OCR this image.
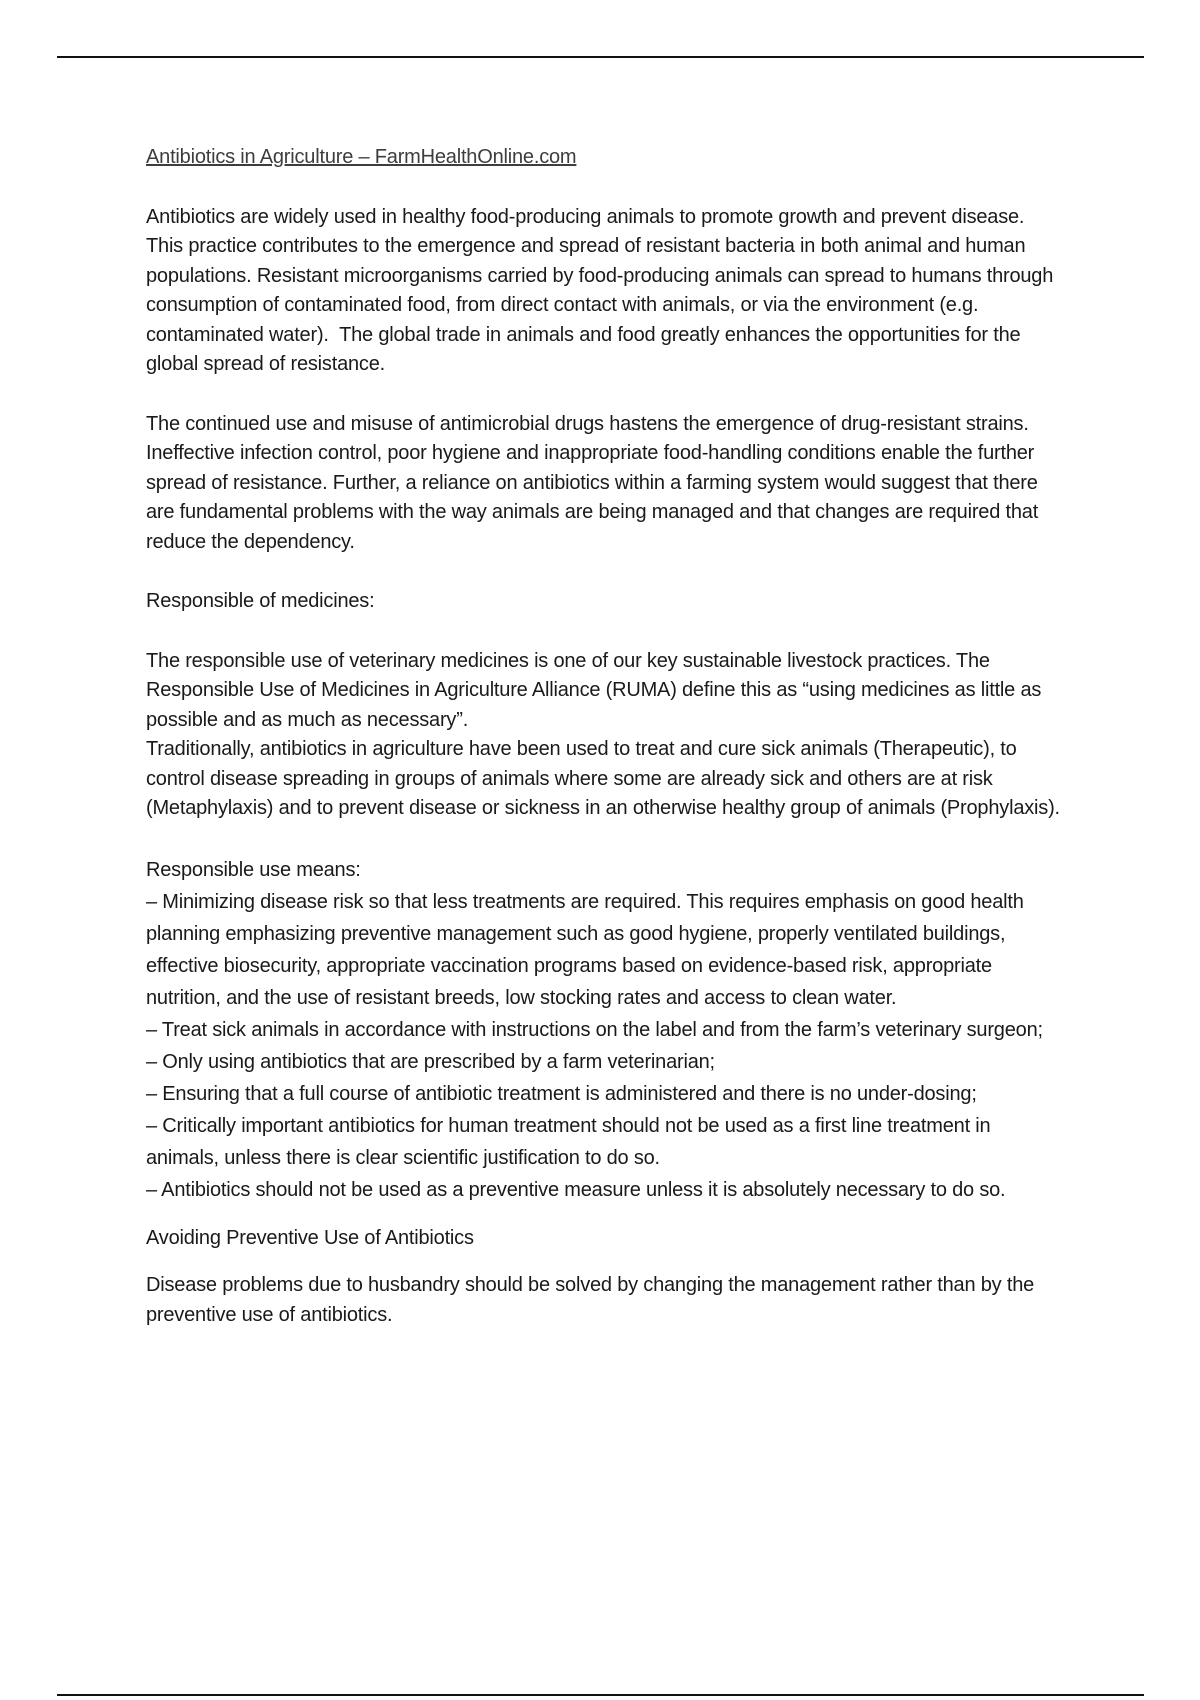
Antibiotics in Agriculture – FarmHealthOnline.com

Antibiotics are widely used in healthy food-producing animals to promote growth and prevent disease. This practice contributes to the emergence and spread of resistant bacteria in both animal and human populations. Resistant microorganisms carried by food-producing animals can spread to humans through consumption of contaminated food, from direct contact with animals, or via the environment (e.g. contaminated water).  The global trade in animals and food greatly enhances the opportunities for the global spread of resistance.

The continued use and misuse of antimicrobial drugs hastens the emergence of drug-resistant strains. Ineffective infection control, poor hygiene and inappropriate food-handling conditions enable the further spread of resistance. Further, a reliance on antibiotics within a farming system would suggest that there are fundamental problems with the way animals are being managed and that changes are required that reduce the dependency.

Responsible of medicines:

The responsible use of veterinary medicines is one of our key sustainable livestock practices. The Responsible Use of Medicines in Agriculture Alliance (RUMA) define this as “using medicines as little as possible and as much as necessary”.

Traditionally, antibiotics in agriculture have been used to treat and cure sick animals (Therapeutic), to control disease spreading in groups of animals where some are already sick and others are at risk (Metaphylaxis) and to prevent disease or sickness in an otherwise healthy group of animals (Prophylaxis).

Responsible use means:
– Minimizing disease risk so that less treatments are required. This requires emphasis on good health planning emphasizing preventive management such as good hygiene, properly ventilated buildings, effective biosecurity, appropriate vaccination programs based on evidence-based risk, appropriate nutrition, and the use of resistant breeds, low stocking rates and access to clean water.
– Treat sick animals in accordance with instructions on the label and from the farm’s veterinary surgeon;
– Only using antibiotics that are prescribed by a farm veterinarian;
– Ensuring that a full course of antibiotic treatment is administered and there is no under-dosing;
– Critically important antibiotics for human treatment should not be used as a first line treatment in animals, unless there is clear scientific justification to do so.
– Antibiotics should not be used as a preventive measure unless it is absolutely necessary to do so.

Avoiding Preventive Use of Antibiotics

Disease problems due to husbandry should be solved by changing the management rather than by the preventive use of antibiotics.
